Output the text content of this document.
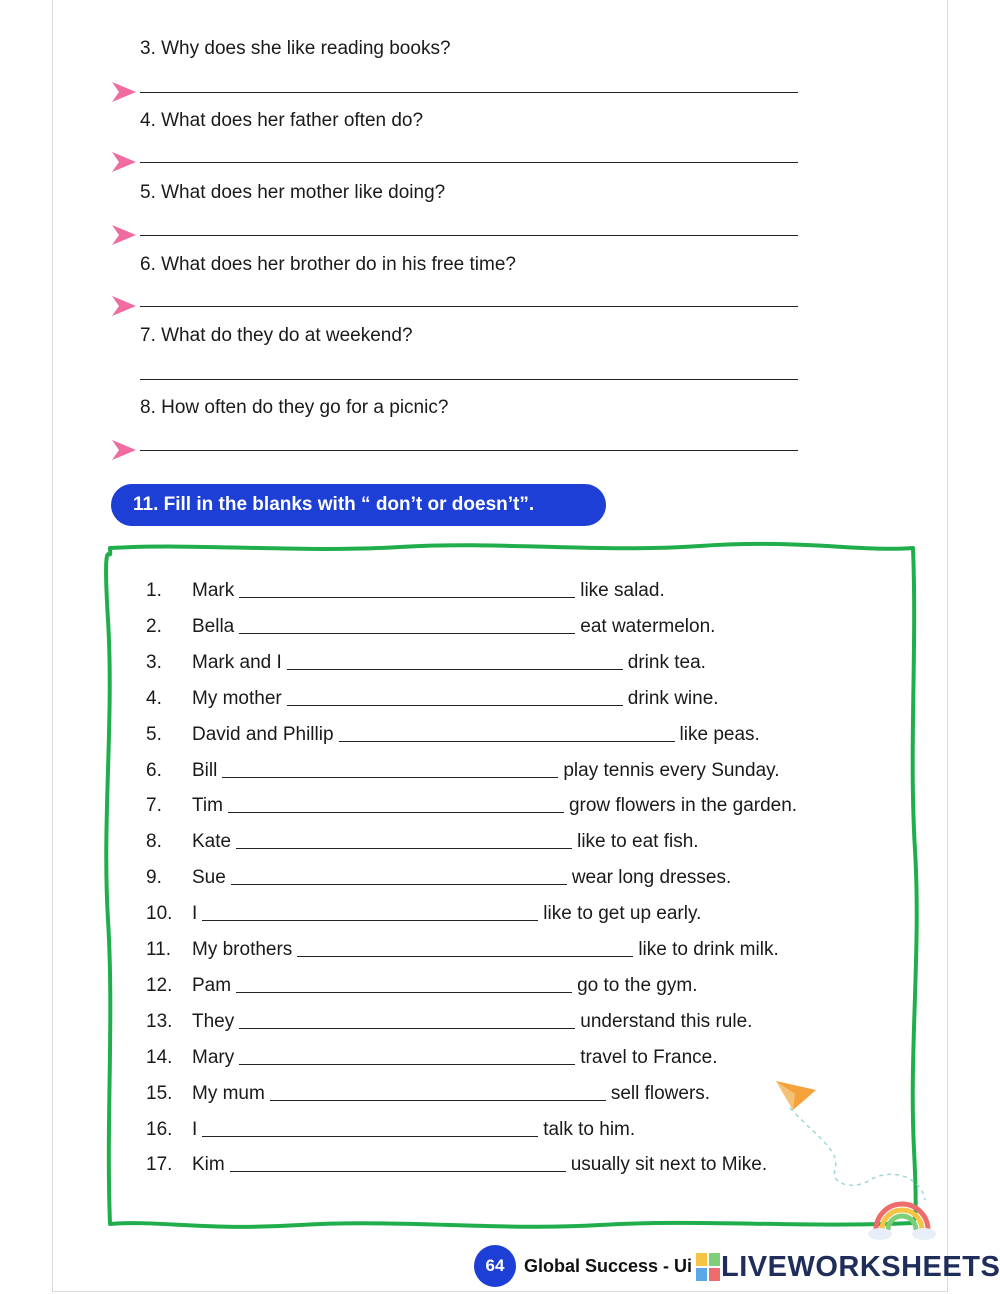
3. Why does she like reading books?
4. What does her father often do?
5. What does her mother like doing?
6. What does her brother do in his free time?
7. What do they do at weekend?
8. How often do they go for a picnic?
11. Fill in the blanks with “ don’t or doesn’t”.
1.	Mark	like salad.
2.	Bella	eat watermelon.
3.	Mark and I	drink tea.
4.	My mother	drink wine.
5.	David and Phillip	like peas.
6.	Bill	play tennis every Sunday.
7.	Tim	grow flowers in the garden.
8.	Kate	like to eat fish.
9.	Sue	wear long dresses.
10.	I	like to get up early.
11.	My brothers	like to drink milk.
12.	Pam	go to the gym.
13.	They	understand this rule.
14.	Mary	travel to France.
15.	My mum	sell flowers.
16.	I	talk to him.
17.	Kim	usually sit next to Mike.
64	Global Success - Ui LIVEWORKSHEETS
